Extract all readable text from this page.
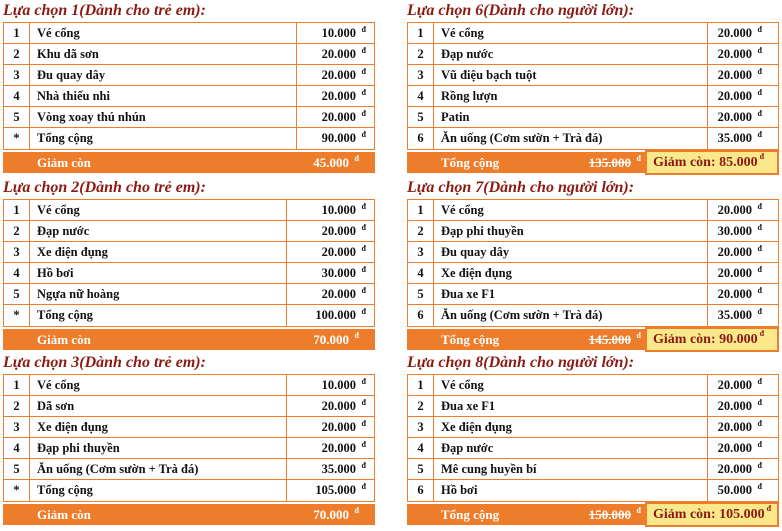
Lựa chọn 1(Dành cho trẻ em):
1	Vé cổng	10.000 đ
2	Khu dã sơn	20.000 đ
3	Đu quay dây	20.000 đ
4	Nhà thiếu nhi	20.000 đ
5	Vòng xoay thú nhún	20.000 đ
*	Tổng cộng	90.000 đ
Giảm còn	45.000 đ
Lựa chọn 2(Dành cho trẻ em):
1	Vé cổng	10.000 đ
2	Đạp nước	20.000 đ
3	Xe điện đụng	20.000 đ
4	Hồ bơi	30.000 đ
5	Ngựa nữ hoàng	20.000 đ
*	Tổng cộng	100.000 đ
Giảm còn	70.000 đ
Lựa chọn 3(Dành cho trẻ em):
1	Vé cổng	10.000 đ
2	Dã sơn	20.000 đ
3	Xe điện đụng	20.000 đ
4	Đạp phi thuyền	20.000 đ
5	Ăn uống (Cơm sườn + Trà đá)	35.000 đ
*	Tổng cộng	105.000 đ
Giảm còn	70.000 đ
Lựa chọn 6(Dành cho người lớn):
1	Vé cổng	20.000 đ
2	Đạp nước	20.000 đ
3	Vũ điệu bạch tuột	20.000 đ
4	Rồng lượn	20.000 đ
5	Patin	20.000 đ
6	Ăn uống (Cơm sườn + Trà đá)	35.000 đ
Tổng cộng	135.000 đ Giảm còn: 85.000 đ
Lựa chọn 7(Dành cho người lớn):
1	Vé cổng	20.000 đ
2	Đạp phi thuyền	30.000 đ
3	Đu quay dây	20.000 đ
4	Xe điện đụng	20.000 đ
5	Đua xe F1	20.000 đ
6	Ăn uống (Cơm sườn + Trà đá)	35.000 đ
Tổng cộng	145.000 đ Giảm còn: 90.000 đ
Lựa chọn 8(Dành cho người lớn):
1	Vé cổng	20.000 đ
2	Đua xe F1	20.000 đ
3	Xe điện đụng	20.000 đ
4	Đạp nước	20.000 đ
5	Mê cung huyền bí	20.000 đ
6	Hồ bơi	50.000 đ
Tổng cộng	150.000 đ Giảm còn: 105.000 đ
